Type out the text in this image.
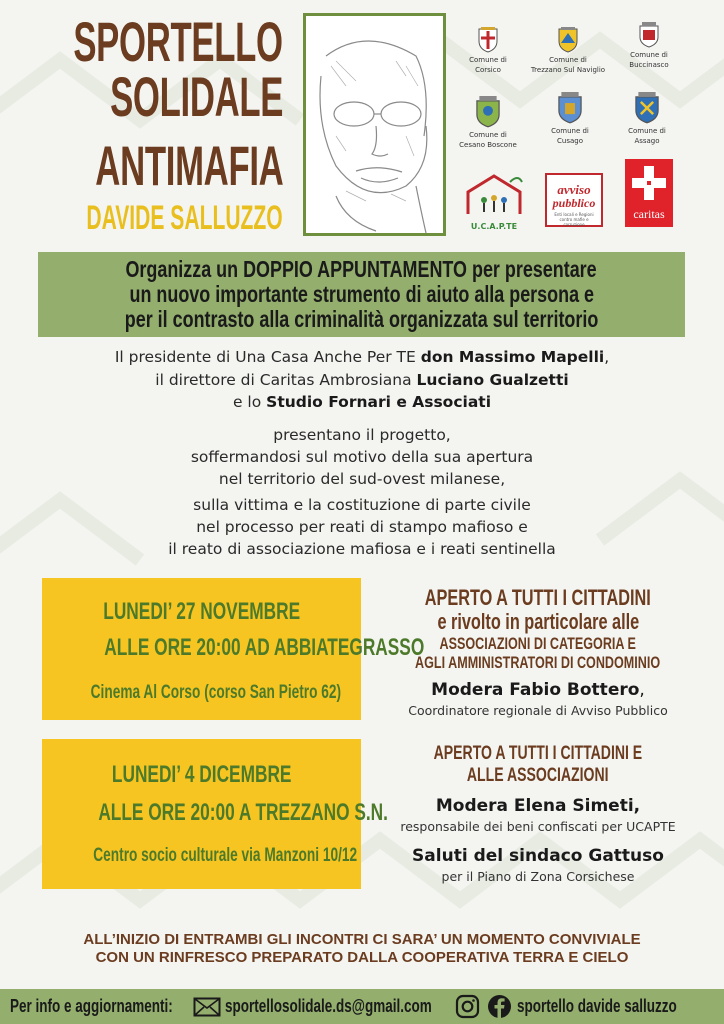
SPORTELLO
SOLIDALE
ANTIMAFIA
DAVIDE SALLUZZO
Comune di
Corsico
Comune di
Trezzano Sul Naviglio
Comune di
Buccinasco
Comune di
Cesano Boscone
Comune di
Cusago
Comune di
Assago
U.C.A.P.TE
avviso
pubblico
Enti locali e Regioni contro mafie e corruzione
caritas
Organizza un DOPPIO APPUNTAMENTO per presentare
un nuovo importante strumento di aiuto alla persona e
per il contrasto alla criminalità organizzata sul territorio
Il presidente di Una Casa Anche Per TE don Massimo Mapelli,
il direttore di Caritas Ambrosiana Luciano Gualzetti
e lo Studio Fornari e Associati
presentano il progetto,
soffermandosi sul motivo della sua apertura
nel territorio del sud-ovest milanese,
sulla vittima e la costituzione di parte civile
nel processo per reati di stampo mafioso e
il reato di associazione mafiosa e i reati sentinella
LUNEDI’ 27 NOVEMBRE
ALLE ORE 20:00 AD ABBIATEGRASSO
Cinema Al Corso (corso San Pietro 62)
APERTO A TUTTI I CITTADINI
e rivolto in particolare alle
ASSOCIAZIONI DI CATEGORIA E
AGLI AMMINISTRATORI DI CONDOMINIO
Modera Fabio Bottero,
Coordinatore regionale di Avviso Pubblico
LUNEDI’ 4 DICEMBRE
ALLE ORE 20:00 A TREZZANO S.N.
Centro socio culturale via Manzoni 10/12
APERTO A TUTTI I CITTADINI E
ALLE ASSOCIAZIONI
Modera Elena Simeti,
responsabile dei beni confiscati per UCAPTE
Saluti del sindaco Gattuso
per il Piano di Zona Corsichese
ALL’INIZIO DI ENTRAMBI GLI INCONTRI CI SARA’ UN MOMENTO CONVIVIALE
CON UN RINFRESCO PREPARATO DALLA COOPERATIVA TERRA E CIELO
Per info e aggiornamenti:	sportellosolidale.ds@gmail.com	sportello davide salluzzo
